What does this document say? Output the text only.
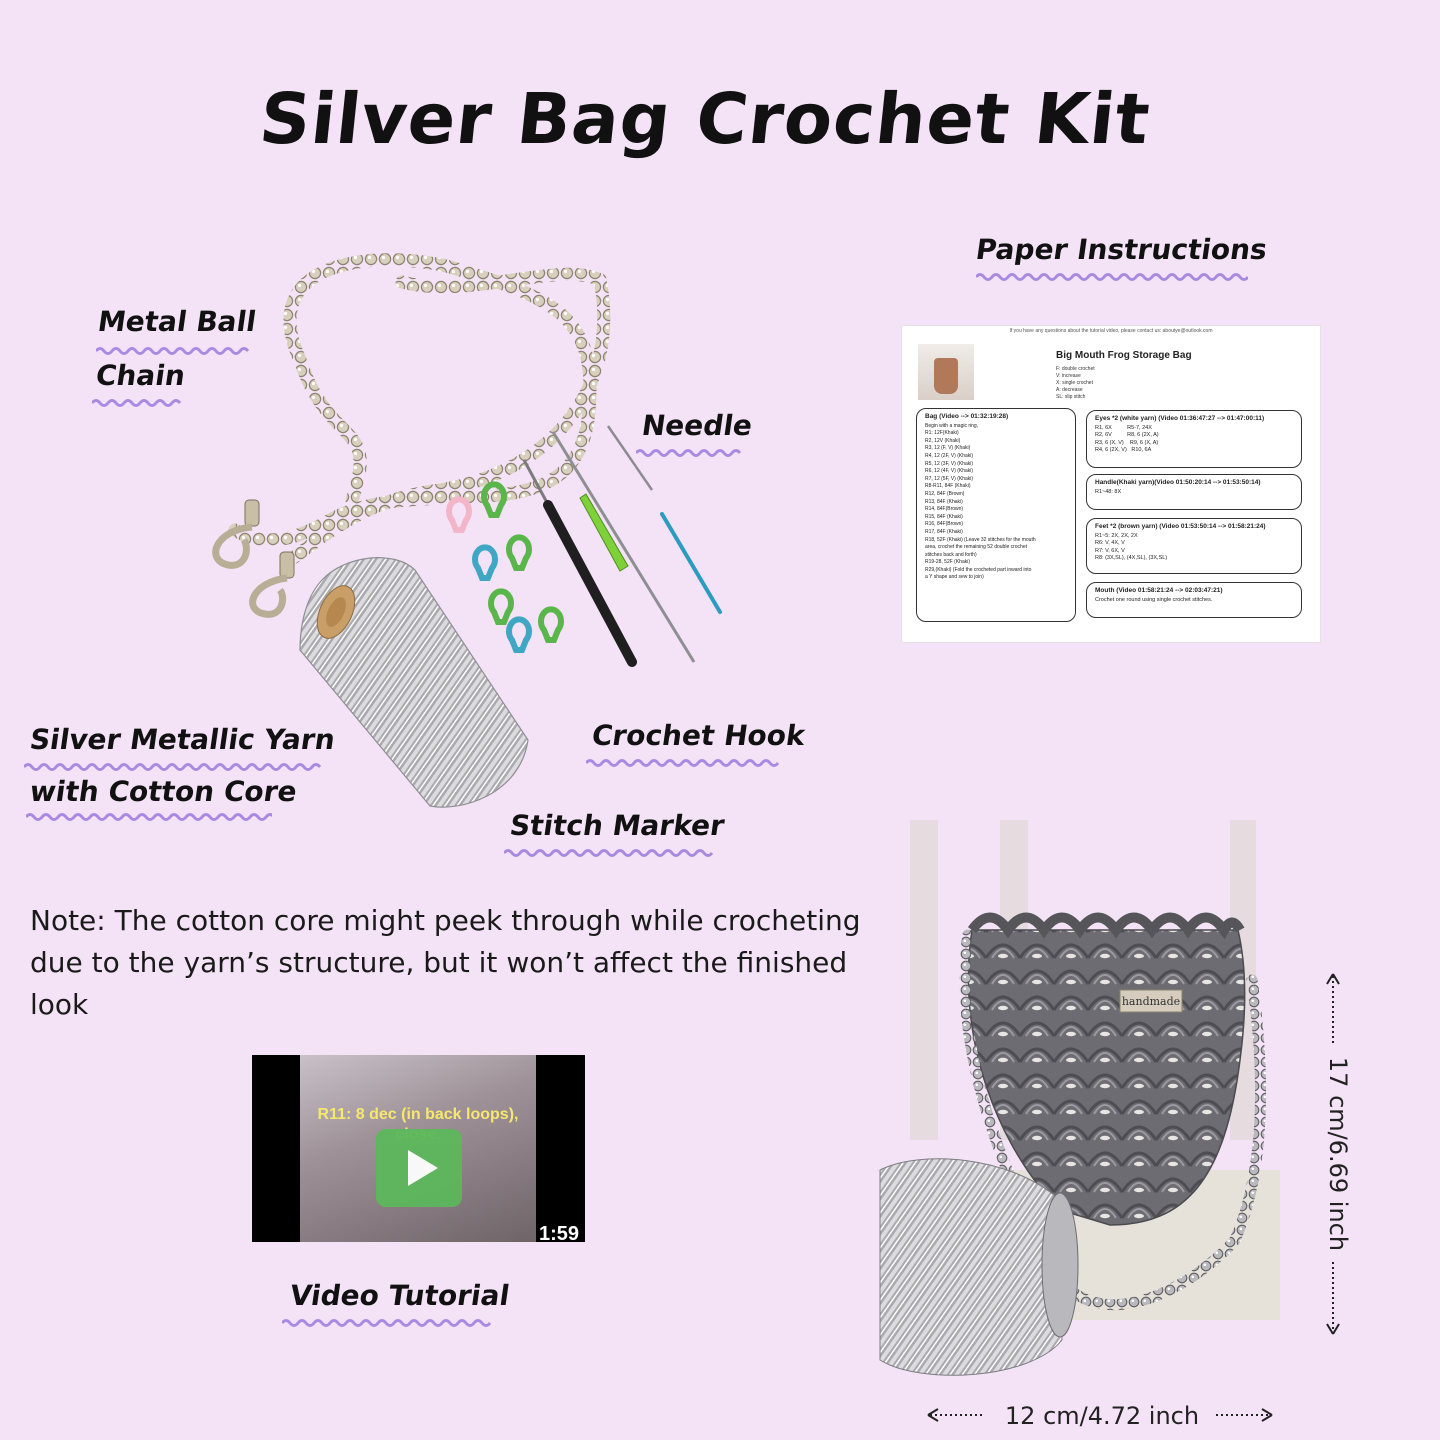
Silver Bag Crochet Kit
handmade
Metal Ball
Chain
Needle
Paper Instructions
Silver Metallic Yarn
with Cotton Core
Crochet Hook
Stitch Marker
Note: The cotton core might peek through while crocheting due to the yarn’s structure, but it won’t affect the finished look
If you have any questions about the tutorial video, please contact us: aboutye@outlook.com
Big Mouth Frog Storage Bag
F: double crochet
V: increase
X: single crochet
A: decrease
SL: slip stitch
Bag (Video --> 01:32:19:28)
Begin with a magic ring,
R1: 12F(Khaki)
R2, 12V (Khaki)
R3, 12 (F, V) (Khaki)
R4, 12 (2F, V) (Khaki)
R5, 12 (3F, V) (Khaki)
R6, 12 (4F, V) (Khaki)
R7, 12 (5F, V) (Khaki)
R8-R11, 84F (Khaki)
R12, 84F (Brown)
R13, 84F (Khaki)
R14, 84F(Brown)
R15, 84F (Khaki)
R16, 84F(Brown)
R17, 84F (Khaki)
R18, 52F (Khaki) (Leave 32 stitches for the mouth
area, crochet the remaining 52 double crochet
stitches back and forth)
R19-28, 52F (Khaki)
R29,(Khaki) (Fold the crocheted part inward into
a Y shape and sew to join)
Eyes *2 (white yarn) (Video 01:36:47:27 --> 01:47:00:11)
R1, 6X          R5-7, 24X
R2, 6V          R8, 6 (2X, A)
R3, 6 (X, V)    R9, 6 (X, A)
R4, 6 (2X, V)   R10, 6A
Handle(Khaki yarn)(Video 01:50:20:14 --> 01:53:50:14)
R1~48: 8X
Feet *2 (brown yarn) (Video 01:53:50:14 --> 01:58:21:24)
R1~5: 2X, 2X, 2X
R6: V, 4X, V
R7: V, 6X, V
R8: (3X,SL), (4X,SL), (3X,SL)
Mouth (Video 01:58:21:24 --> 02:03:47:21)
Crochet one round using single crochet stitches.
R11: 8 dec (in back loops),
1:59
Video Tutorial
17 cm/6.69 inch
12 cm/4.72 inch
